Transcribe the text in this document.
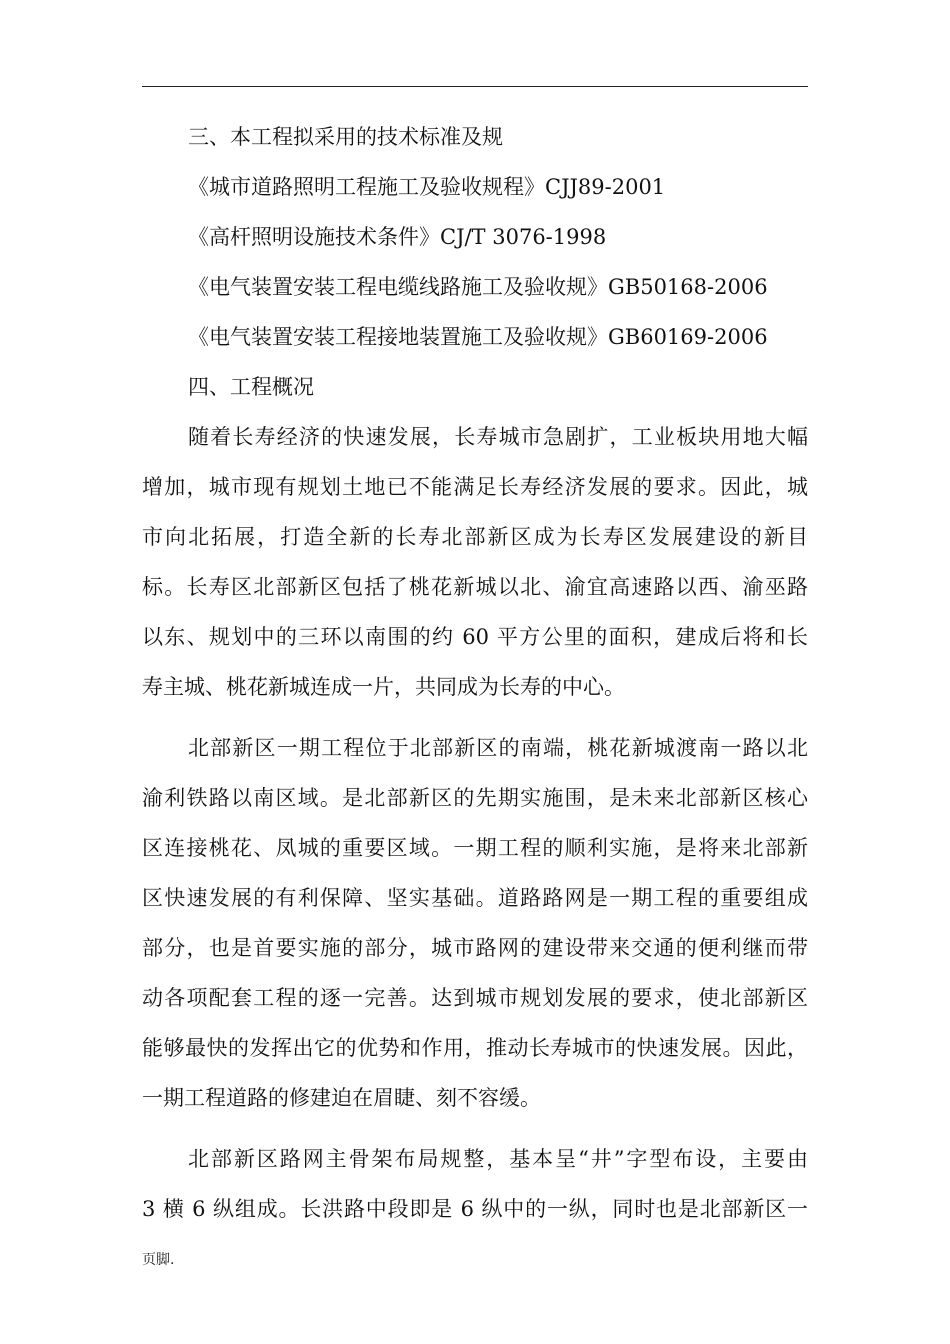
三、本工程拟采用的技术标准及规
《城市道路照明工程施工及验收规程》CJJ89-2001
《高杆照明设施技术条件》CJ/T 3076-1998
《电气装置安装工程电缆线路施工及验收规》GB50168-2006
《电气装置安装工程接地装置施工及验收规》GB60169-2006
四、工程概况
随着长寿经济的快速发展，长寿城市急剧扩，工业板块用地大幅
增加，城市现有规划土地已不能满足长寿经济发展的要求。因此，城
市向北拓展，打造全新的长寿北部新区成为长寿区发展建设的新目
标。长寿区北部新区包括了桃花新城以北、渝宜高速路以西、渝巫路
以东、规划中的三环以南围的约 60 平方公里的面积，建成后将和长
寿主城、桃花新城连成一片，共同成为长寿的中心。
北部新区一期工程位于北部新区的南端，桃花新城渡南一路以北
渝利铁路以南区域。是北部新区的先期实施围，是未来北部新区核心
区连接桃花、凤城的重要区域。一期工程的顺利实施，是将来北部新
区快速发展的有利保障、坚实基础。道路路网是一期工程的重要组成
部分，也是首要实施的部分，城市路网的建设带来交通的便利继而带
动各项配套工程的逐一完善。达到城市规划发展的要求，使北部新区
能够最快的发挥出它的优势和作用，推动长寿城市的快速发展。因此，
一期工程道路的修建迫在眉睫、刻不容缓。
北部新区路网主骨架布局规整，基本呈“井”字型布设，主要由
3 横 6 纵组成。长洪路中段即是 6 纵中的一纵，同时也是北部新区一
页脚.
